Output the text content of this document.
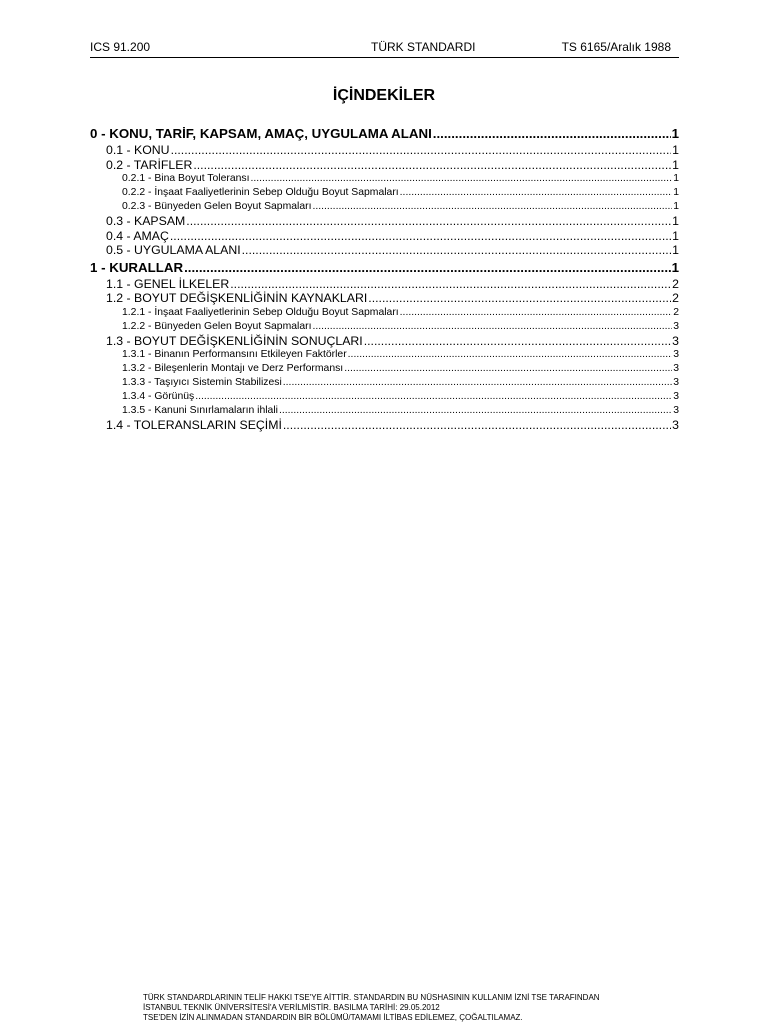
ICS 91.200	TÜRK STANDARDI	TS 6165/Aralık 1988
İÇİNDEKİLER
0 - KONU, TARİF, KAPSAM, AMAÇ, UYGULAMA ALANI .....	1
0.1 - KONU .....	1
0.2 - TARİFLER .....	1
0.2.1 - Bina Boyut Toleransı .....	1
0.2.2 - İnşaat Faaliyetlerinin Sebep Olduğu Boyut Sapmaları .....	1
0.2.3 - Bünyeden Gelen Boyut Sapmaları .....	1
0.3 - KAPSAM .....	1
0.4 - AMAÇ .....	1
0.5 - UYGULAMA ALANI .....	1
1 - KURALLAR .....	1
1.1 - GENEL İLKELER .....	2
1.2 - BOYUT DEĞİŞKENLİĞİNİN KAYNAKLARI .....	2
1.2.1 - İnşaat Faaliyetlerinin Sebep Olduğu Boyut Sapmaları .....	2
1.2.2 - Bünyeden Gelen Boyut Sapmaları .....	3
1.3 - BOYUT DEĞİŞKENLİĞİNİN SONUÇLARI .....	3
1.3.1 - Binanın Performansını Etkileyen Faktörler .....	3
1.3.2 - Bileşenlerin Montajı ve Derz Performansı .....	3
1.3.3 - Taşıyıcı Sistemin Stabilizesi .....	3
1.3.4 - Görünüş .....	3
1.3.5 - Kanuni Sınırlamaların ihlali .....	3
1.4 - TOLERANSLARIN SEÇİMİ .....	3
TÜRK STANDARDLARININ TELİF HAKKI TSE'YE AİTTİR. STANDARDIN BU NÜSHASININ KULLANIM İZNİ TSE TARAFINDAN
İSTANBUL TEKNİK ÜNİVERSİTESİ'A VERİLMİSTİR. BASILMA TARİHİ: 29.05.2012
TSE'DEN İZİN ALINMADAN STANDARDIN BİR BÖLÜMÜ/TAMAMI İLTİBAS EDİLEMEZ, ÇOĞALTILAMAZ.
